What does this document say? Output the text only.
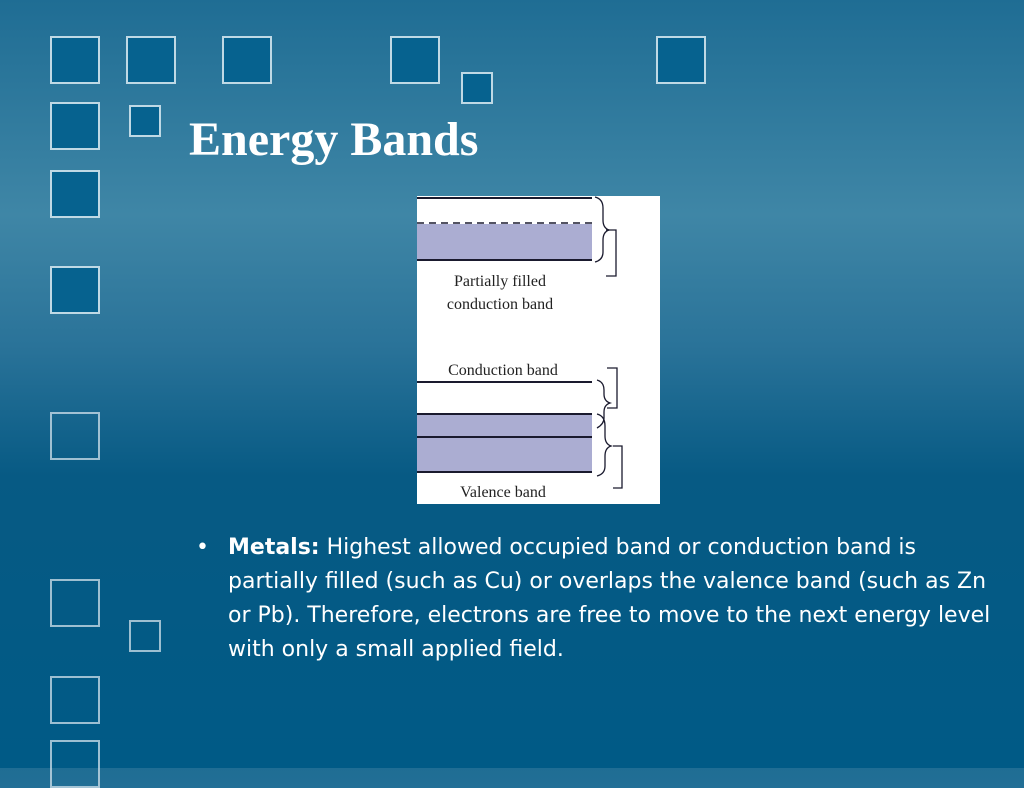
Energy Bands
Partially filled
conduction band
Conduction band
Valence band
• Metals: Highest allowed occupied band or conduction band is partially filled (such as Cu) or overlaps the valence band (such as Zn or Pb). Therefore, electrons are free to move to the next energy level with only a small applied field.
